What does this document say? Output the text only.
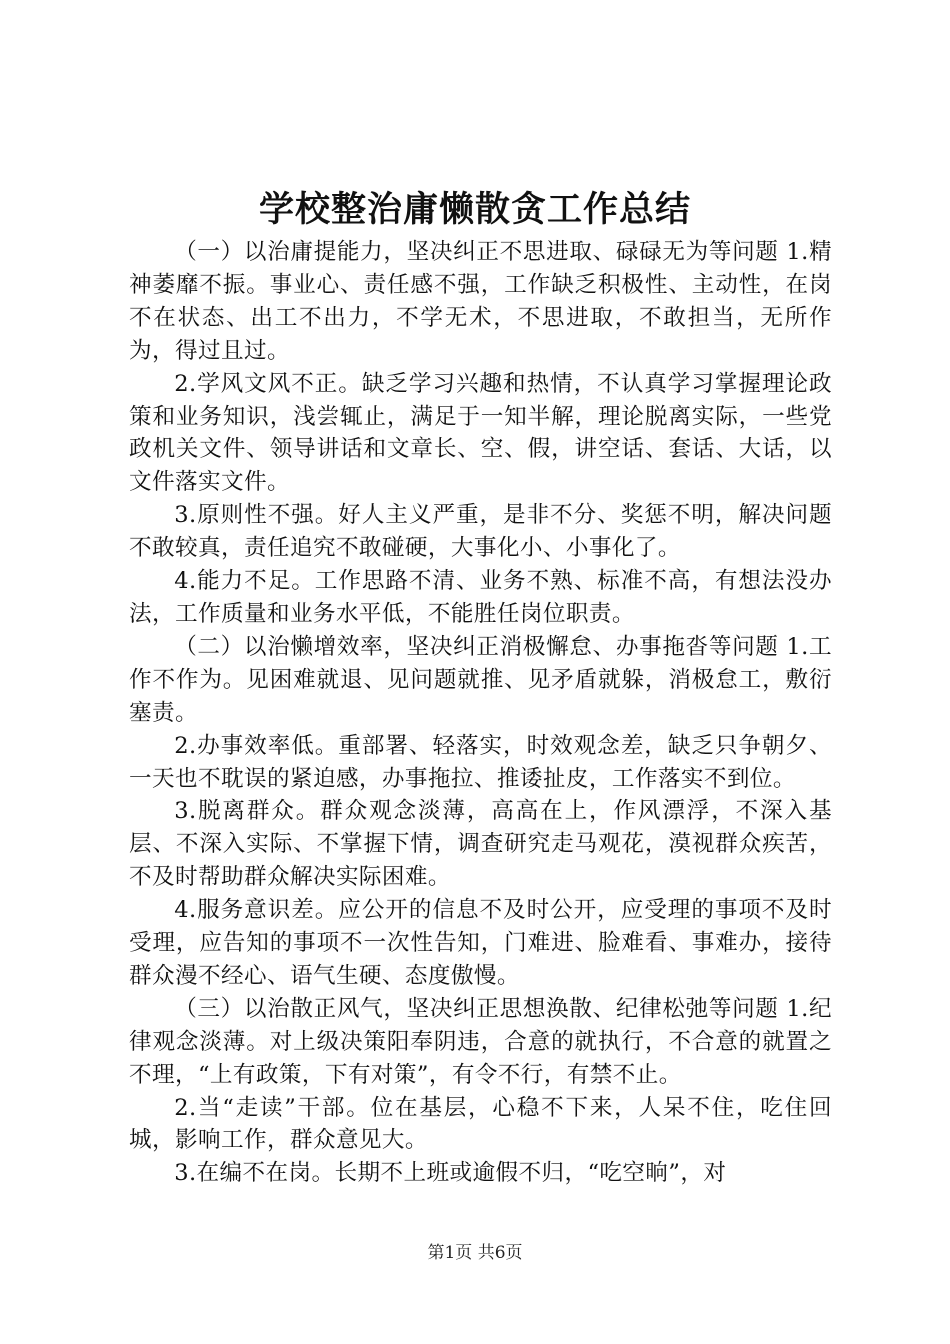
学校整治庸懒散贪工作总结

（一）以治庸提能力，坚决纠正不思进取、碌碌无为等问题 1.精神萎靡不振。事业心、责任感不强，工作缺乏积极性、主动性，在岗不在状态、出工不出力，不学无术，不思进取，不敢担当，无所作为，得过且过。

2.学风文风不正。缺乏学习兴趣和热情，不认真学习掌握理论政策和业务知识，浅尝辄止，满足于一知半解，理论脱离实际，一些党政机关文件、领导讲话和文章长、空、假，讲空话、套话、大话，以文件落实文件。

3.原则性不强。好人主义严重，是非不分、奖惩不明，解决问题不敢较真，责任追究不敢碰硬，大事化小、小事化了。

4.能力不足。工作思路不清、业务不熟、标准不高，有想法没办法，工作质量和业务水平低，不能胜任岗位职责。

（二）以治懒增效率，坚决纠正消极懈怠、办事拖沓等问题 1.工作不作为。见困难就退、见问题就推、见矛盾就躲，消极怠工，敷衍塞责。

2.办事效率低。重部署、轻落实，时效观念差，缺乏只争朝夕、一天也不耽误的紧迫感，办事拖拉、推诿扯皮，工作落实不到位。

3.脱离群众。群众观念淡薄，高高在上，作风漂浮，不深入基层、不深入实际、不掌握下情，调查研究走马观花，漠视群众疾苦，不及时帮助群众解决实际困难。

4.服务意识差。应公开的信息不及时公开，应受理的事项不及时受理，应告知的事项不一次性告知，门难进、脸难看、事难办，接待群众漫不经心、语气生硬、态度傲慢。

（三）以治散正风气，坚决纠正思想涣散、纪律松弛等问题 1.纪律观念淡薄。对上级决策阳奉阴违，合意的就执行，不合意的就置之不理，“上有政策，下有对策”，有令不行，有禁不止。

2.当“走读”干部。位在基层，心稳不下来，人呆不住，吃住回城，影响工作，群众意见大。

3.在编不在岗。长期不上班或逾假不归，“吃空晌”，对

第1页 共6页
